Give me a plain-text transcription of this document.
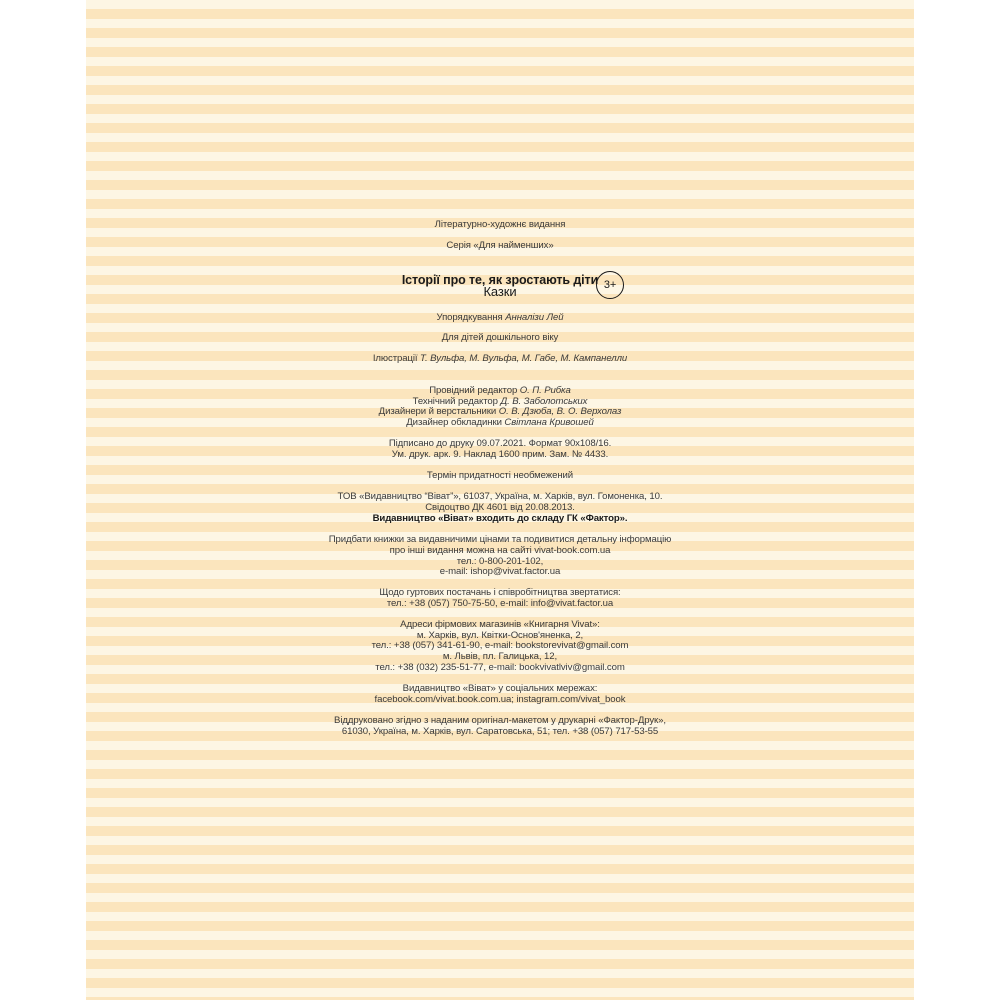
Літературно-художнє видання
Серія «Для найменших»
Історії про те, як зростають діти
Казки	3+
Упорядкування Анналізи Лей
Для дітей дошкільного віку
Ілюстрації Т. Вульфа, М. Вульфа, М. Габе, М. Кампанелли
Провідний редактор О. П. Рибка
Технічний редактор Д. В. Заболотських
Дизайнери й верстальники О. В. Дзюба, В. О. Верхолаз
Дизайнер обкладинки Світлана Кривошей
Підписано до друку 09.07.2021. Формат 90x108/16.
Ум. друк. арк. 9. Наклад 1600 прим. Зам. № 4433.
Термін придатності необмежений
ТОВ «Видавництво “Віват”», 61037, Україна, м. Харків, вул. Гомоненка, 10.
Свідоцтво ДК 4601 від 20.08.2013.
Видавництво «Віват» входить до складу ГК «Фактор».
Придбати книжки за видавничими цінами та подивитися детальну інформацію
про інші видання можна на сайті vivat-book.com.ua
тел.: 0-800-201-102,
e-mail: ishop@vivat.factor.ua
Щодо гуртових постачань і співробітництва звертатися:
тел.: +38 (057) 750-75-50, e-mail: info@vivat.factor.ua
Адреси фірмових магазинів «Книгарня Vivat»:
м. Харків, вул. Квітки-Основ'яненка, 2,
тел.: +38 (057) 341-61-90, e-mail: bookstorevivat@gmail.com
м. Львів, пл. Галицька, 12,
тел.: +38 (032) 235-51-77, e-mail: bookvivatlviv@gmail.com
Видавництво «Віват» у соціальних мережах:
facebook.com/vivat.book.com.ua; instagram.com/vivat_book
Віддруковано згідно з наданим оригінал-макетом у друкарні «Фактор-Друк»,
61030, Україна, м. Харків, вул. Саратовська, 51; тел. +38 (057) 717-53-55
